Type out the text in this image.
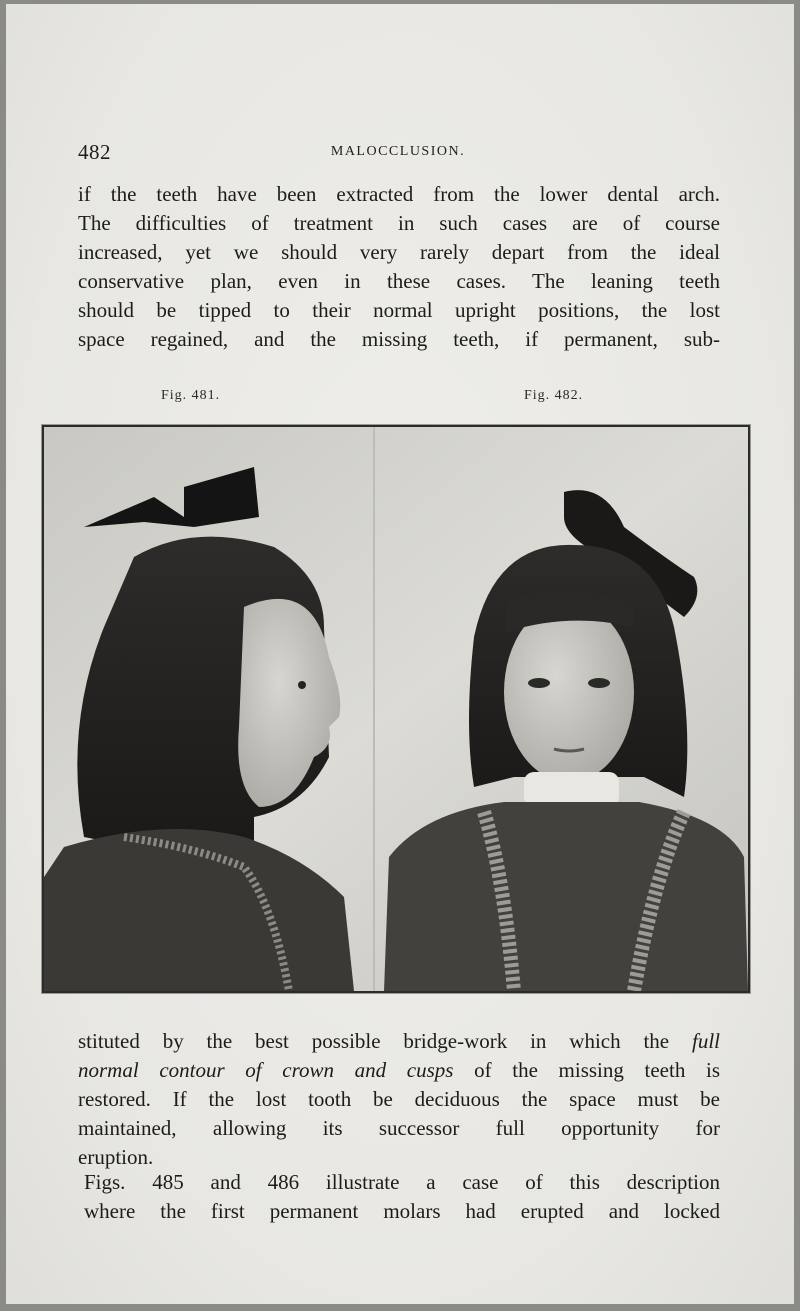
482	MALOCCLUSION.

if the teeth have been extracted from the lower dental arch.
The difficulties of treatment in such cases are of course
increased, yet we should very rarely depart from the ideal
conservative plan, even in these cases. The leaning teeth
should be tipped to their normal upright positions, the lost
space regained, and the missing teeth, if permanent, sub-

Fig. 481.	Fig. 482.

stituted by the best possible bridge-work in which the full
normal contour of crown and cusps of the missing teeth is
restored. If the lost tooth be deciduous the space must be
maintained, allowing its successor full opportunity for
eruption.

Figs. 485 and 486 illustrate a case of this description
where the first permanent molars had erupted and locked
